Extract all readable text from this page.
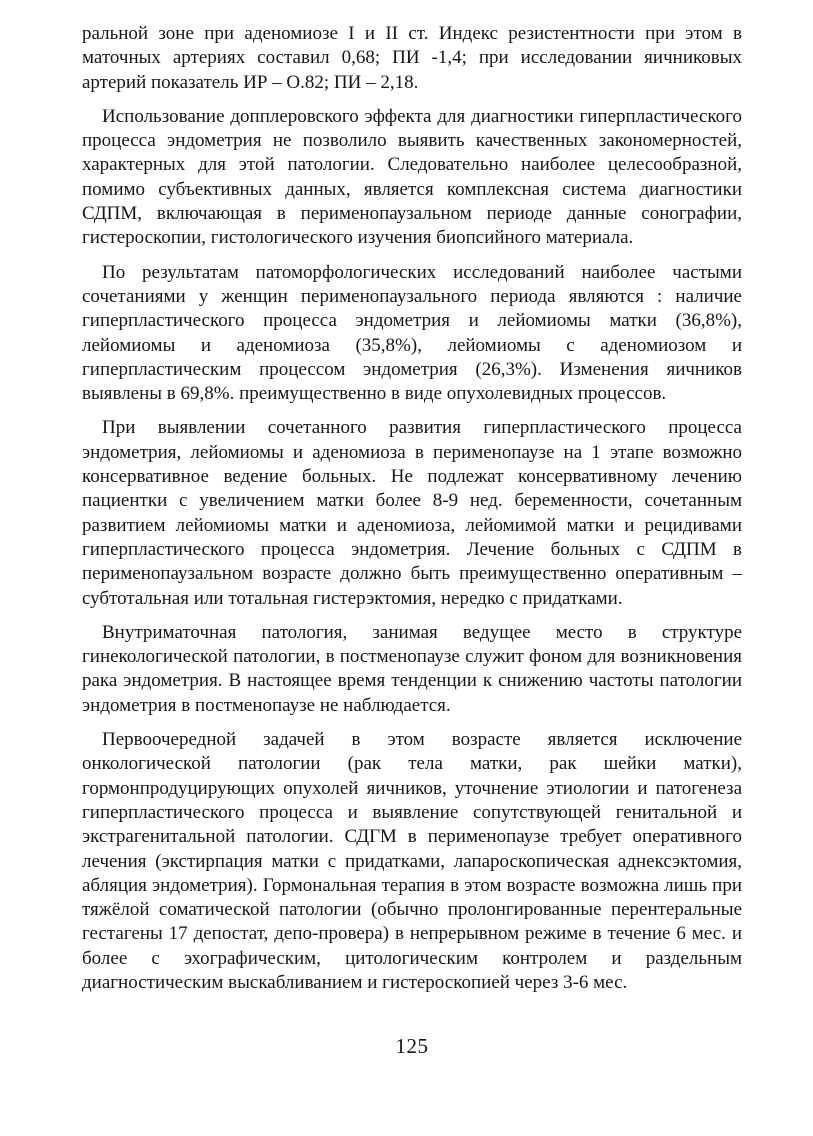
ральной зоне при аденомиозе I и II ст. Индекс резистентности при этом в маточных артериях составил 0,68; ПИ -1,4; при исследовании яичниковых артерий показатель ИР – О.82; ПИ – 2,18.

Использование допплеровского эффекта для диагностики гиперпластического процесса эндометрия не позволило выявить качественных закономерностей, характерных для этой патологии. Следовательно наиболее целесообразной, помимо субъективных данных, является комплексная система диагностики СДПМ, включающая в перименопаузальном периоде данные сонографии, гистероскопии, гистологического изучения биопсийного материала.

По результатам патоморфологических исследований наиболее частыми сочетаниями у женщин перименопаузального периода являются : наличие гиперпластического процесса эндометрия и лейомиомы матки (36,8%), лейомиомы и аденомиоза (35,8%), лейомиомы с аденомиозом и гиперпластическим процессом эндометрия (26,3%). Изменения яичников выявлены в 69,8%. преимущественно в виде опухолевидных процессов.

При выявлении сочетанного развития гиперпластического процесса эндометрия, лейомиомы и аденомиоза в перименопаузе на 1 этапе возможно консервативное ведение больных. Не подлежат консервативному лечению пациентки с увеличением матки более 8-9 нед. беременности, сочетанным развитием лейомиомы матки и аденомиоза, лейомимой матки и рецидивами гиперпластического процесса эндометрия. Лечение больных с СДПМ в перименопаузальном возрасте должно быть преимущественно оперативным – субтотальная или тотальная гистерэктомия, нередко с придатками.

Внутриматочная патология, занимая ведущее место в структуре гинекологической патологии, в постменопаузе служит фоном для возникновения рака эндометрия. В настоящее время тенденции к снижению частоты патологии эндометрия в постменопаузе не наблюдается.

Первоочередной задачей в этом возрасте является исключение онкологической патологии (рак тела матки, рак шейки матки), гормонпродуцирующих опухолей яичников, уточнение этиологии и патогенеза гиперпластического процесса и выявление сопутствующей генитальной и экстрагенитальной патологии. СДГМ в перименопаузе требует оперативного лечения (экстирпация матки с придатками, лапароскопическая аднексэктомия, абляция эндометрия). Гормональная терапия в этом возрасте возможна лишь при тяжёлой соматической патологии (обычно пролонгированные перентеральные гестагены 17 депостат, депо-провера) в непрерывном режиме в течение 6 мес. и более с эхографическим, цитологическим контролем и раздельным диагностическим выскабливанием и гистероскопией через 3-6 мес.

125
